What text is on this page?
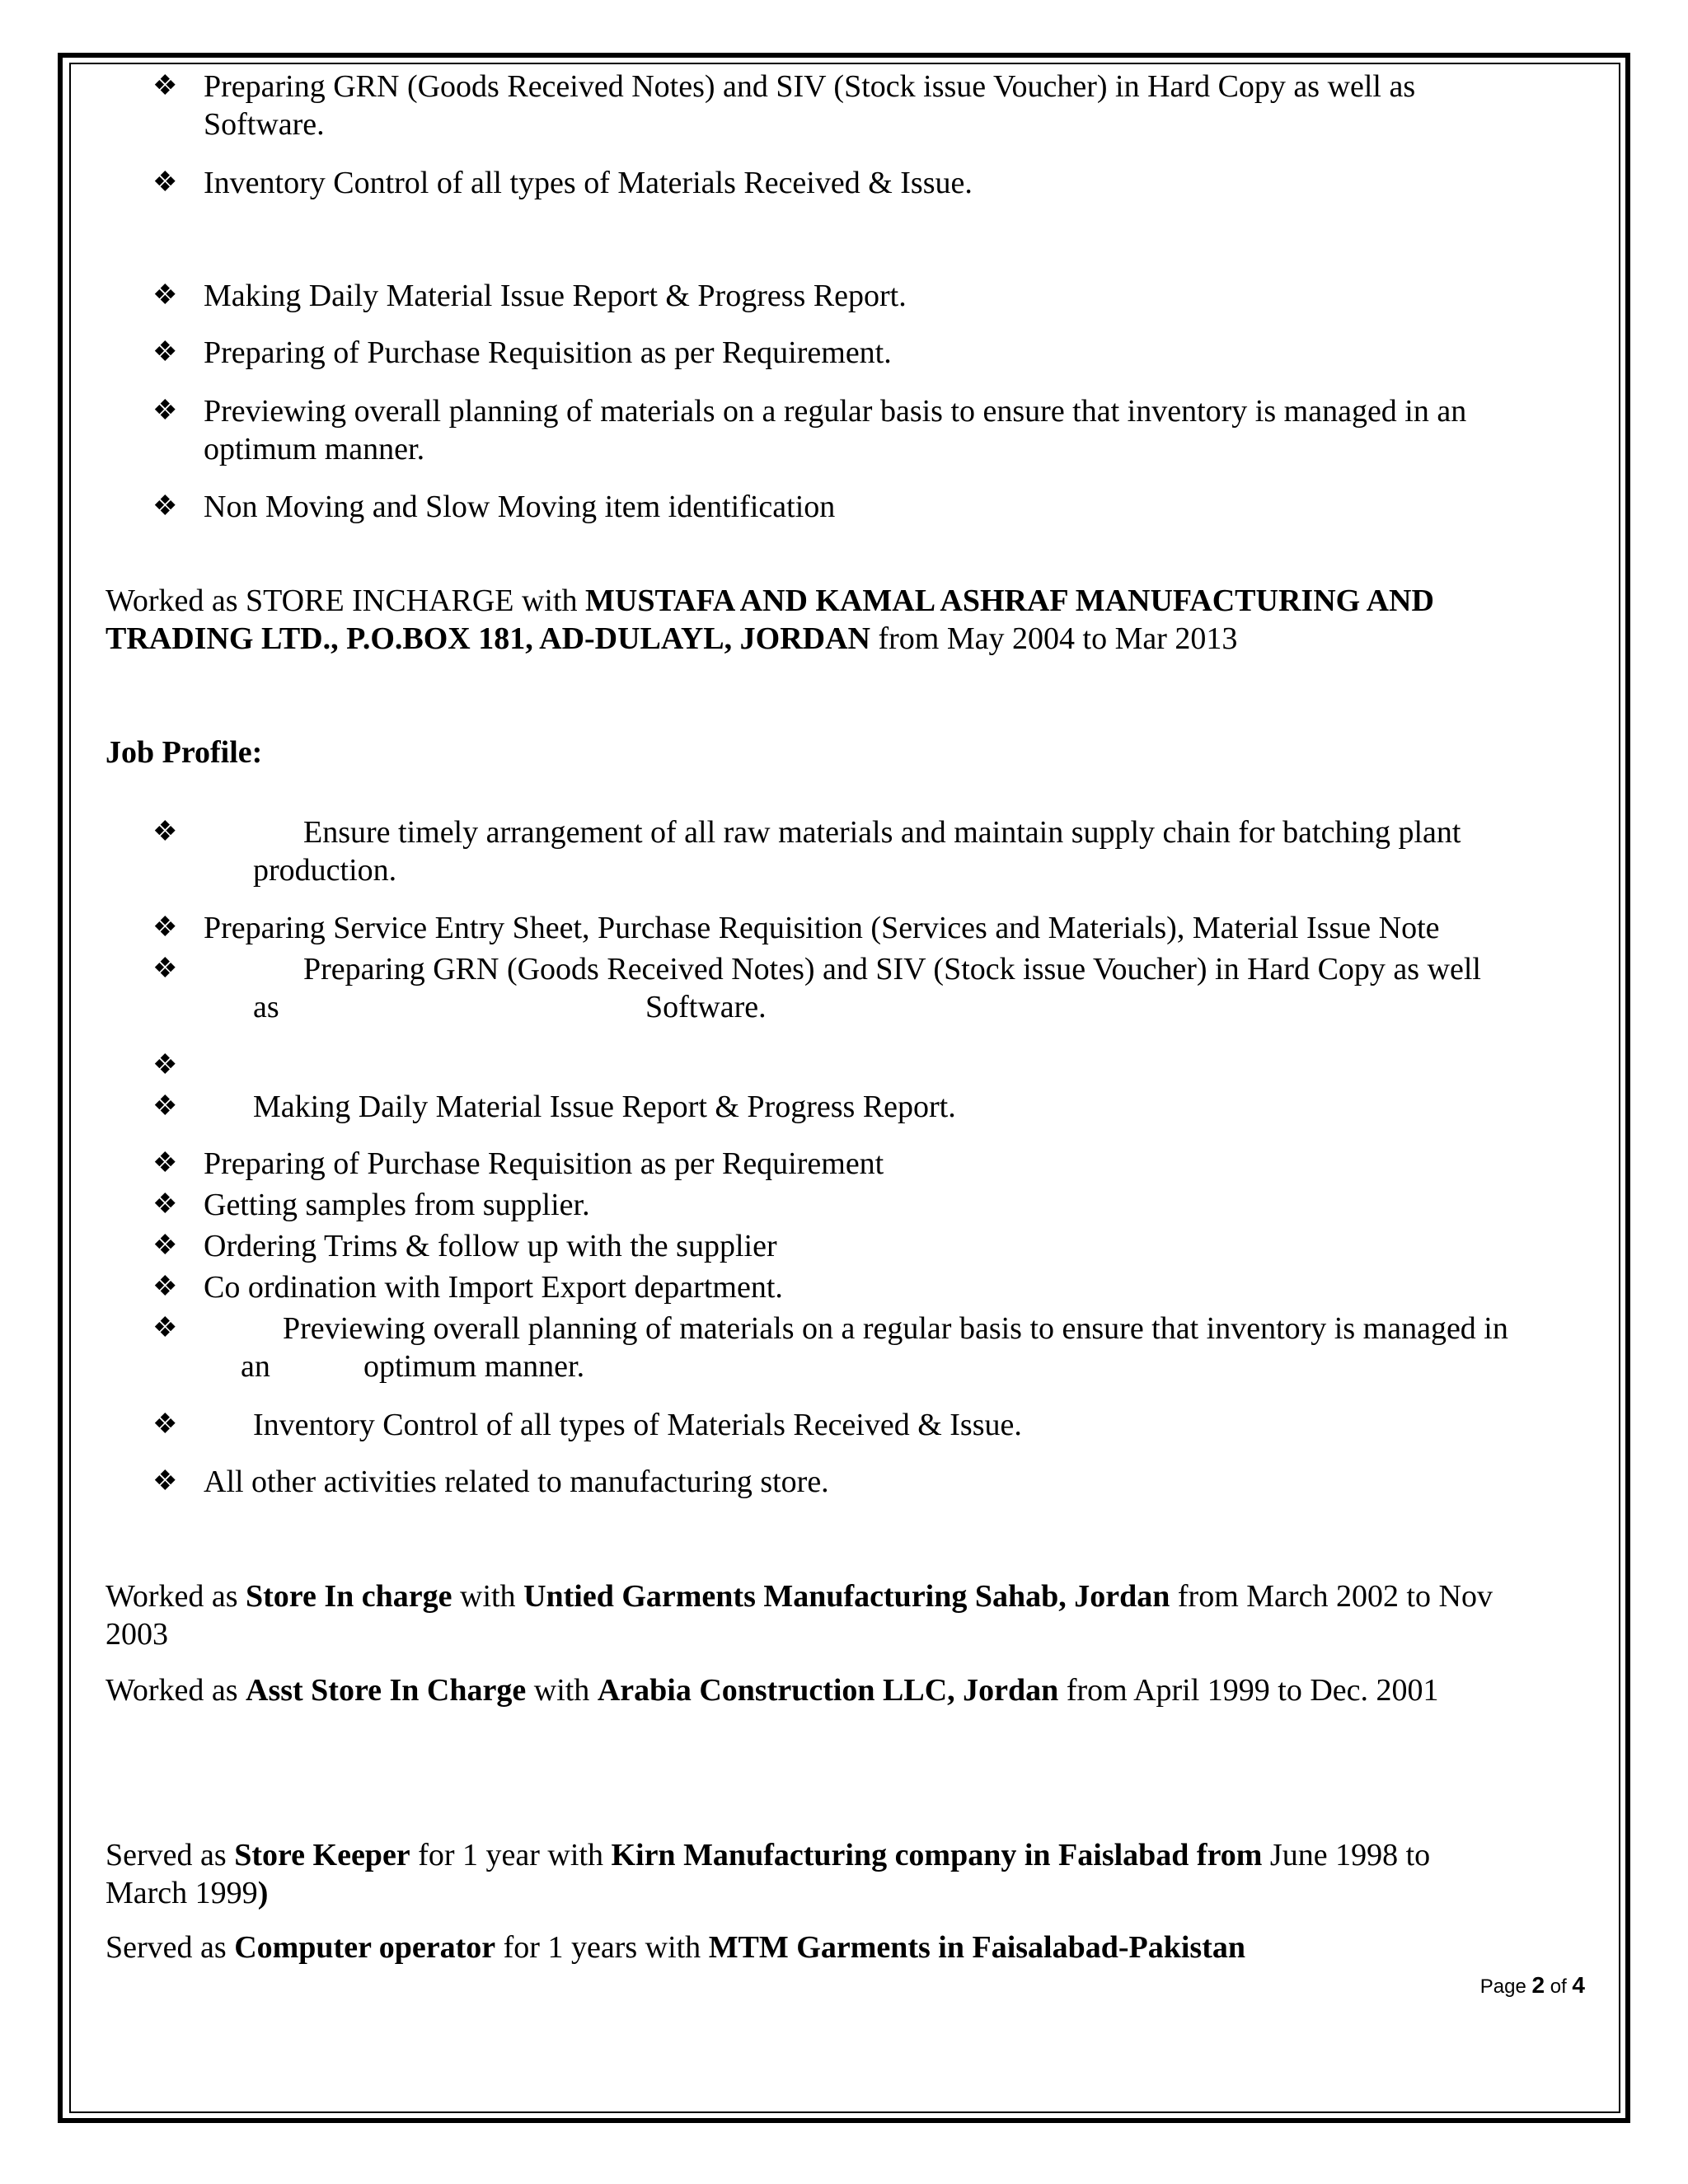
❖ Preparing GRN (Goods Received Notes) and SIV (Stock issue Voucher) in Hard Copy as well as
Software.
❖ Inventory Control of all types of Materials Received & Issue.
❖ Making Daily Material Issue Report & Progress Report.
❖ Preparing of Purchase Requisition as per Requirement.
❖ Previewing overall planning of materials on a regular basis to ensure that inventory is managed in an
optimum manner.
❖ Non Moving and Slow Moving item identification
Worked as STORE INCHARGE with MUSTAFA AND KAMAL ASHRAF MANUFACTURING AND
TRADING LTD., P.O.BOX 181, AD-DULAYL, JORDAN from May 2004 to Mar 2013
Job Profile:
❖	Ensure timely arrangement of all raw materials and maintain supply chain for batching plant
production.
❖ Preparing Service Entry Sheet, Purchase Requisition (Services and Materials), Material Issue Note
❖	Preparing GRN (Goods Received Notes) and SIV (Stock issue Voucher) in Hard Copy as well
as	Software.
❖
❖ Making Daily Material Issue Report & Progress Report.
❖ Preparing of Purchase Requisition as per Requirement
❖ Getting samples from supplier.
❖ Ordering Trims & follow up with the supplier
❖ Co ordination with Import Export department.
❖	Previewing overall planning of materials on a regular basis to ensure that inventory is managed in
an	optimum manner.
❖ Inventory Control of all types of Materials Received & Issue.
❖ All other activities related to manufacturing store.
Worked as Store In charge with Untied Garments Manufacturing Sahab, Jordan from March 2002 to Nov
2003
Worked as Asst Store In Charge with Arabia Construction LLC, Jordan from April 1999 to Dec. 2001
Served as Store Keeper for 1 year with Kirn Manufacturing company in Faislabad from June 1998 to
March 1999)
Served as Computer operator for 1 years with MTM Garments in Faisalabad-Pakistan
Page 2 of 4
